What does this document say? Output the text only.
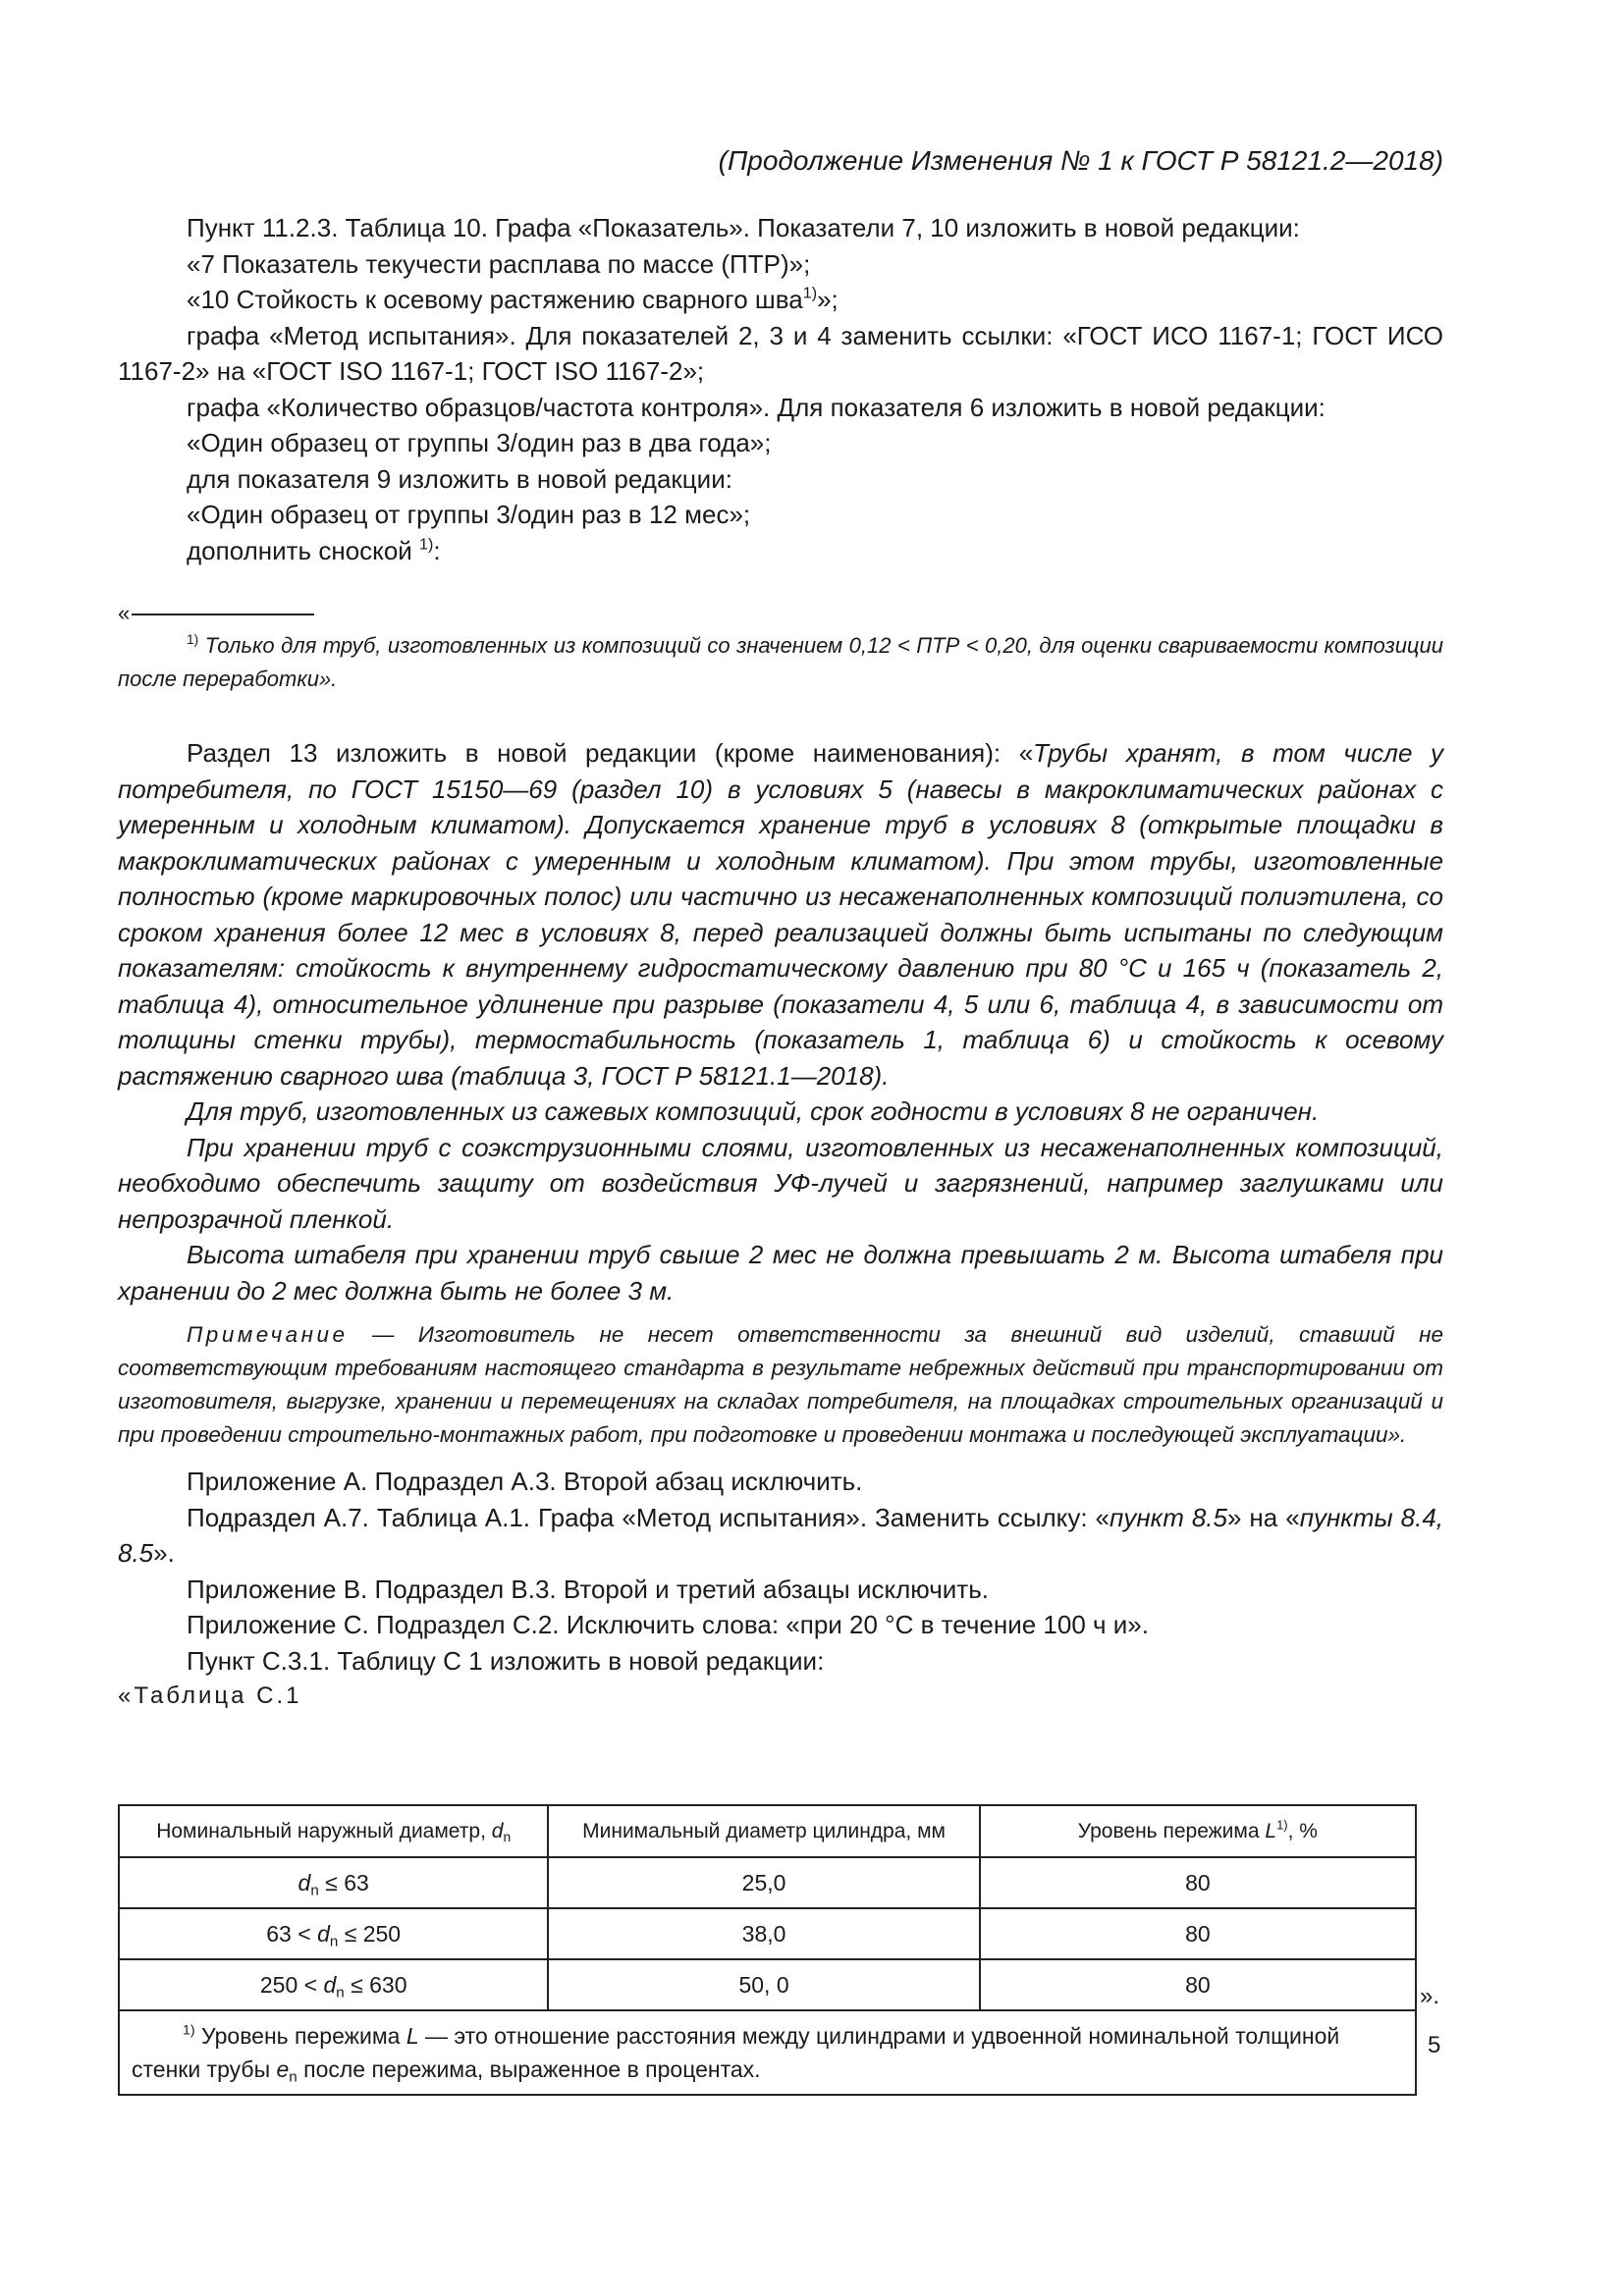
(Продолжение Изменения № 1 к ГОСТ Р 58121.2—2018)

Пункт 11.2.3. Таблица 10. Графа «Показатель». Показатели 7, 10 изложить в новой редакции:

«7 Показатель текучести расплава по массе (ПТР)»;

«10 Стойкость к осевому растяжению сварного шва$^{1)}$»;

графа «Метод испытания». Для показателей 2, 3 и 4 заменить ссылки: «ГОСТ ИСО 1167-1; ГОСТ ИСО 1167-2» на «ГОСТ ISO 1167-1; ГОСТ ISO 1167-2»;

графа «Количество образцов/частота контроля». Для показателя 6 изложить в новой редакции:

«Один образец от группы 3/один раз в два года»;

для показателя 9 изложить в новой редакции:

«Один образец от группы 3/один раз в 12 мес»;

дополнить сноской $^{1)}$:

«

$^{1)}$ Только для труб, изготовленных из композиций со значением 0,12 < ПТР < 0,20, для оценки свариваемости композиции после переработки».

Раздел 13 изложить в новой редакции (кроме наименования): «Трубы хранят, в том числе у потребителя, по ГОСТ 15150—69 (раздел 10) в условиях 5 (навесы в макроклиматических районах с умеренным и холодным климатом). Допускается хранение труб в условиях 8 (открытые площадки в макроклиматических районах с умеренным и холодным климатом). При этом трубы, изготовленные полностью (кроме маркировочных полос) или частично из несаженаполненных композиций полиэтилена, со сроком хранения более 12 мес в условиях 8, перед реализацией должны быть испытаны по следующим показателям: стойкость к внутреннему гидростатическому давлению при 80 °С и 165 ч (показатель 2, таблица 4), относительное удлинение при разрыве (показатели 4, 5 или 6, таблица 4, в зависимости от толщины стенки трубы), термостабильность (показатель 1, таблица 6) и стойкость к осевому растяжению сварного шва (таблица 3, ГОСТ Р 58121.1—2018).

Для труб, изготовленных из сажевых композиций, срок годности в условиях 8 не ограничен.

При хранении труб с соэкструзионными слоями, изготовленных из несаженаполненных композиций, необходимо обеспечить защиту от воздействия УФ-лучей и загрязнений, например заглушками или непрозрачной пленкой.

Высота штабеля при хранении труб свыше 2 мес не должна превышать 2 м. Высота штабеля при хранении до 2 мес должна быть не более 3 м.

Примечание — Изготовитель не несет ответственности за внешний вид изделий, ставший не соответствующим требованиям настоящего стандарта в результате небрежных действий при транспортировании от изготовителя, выгрузке, хранении и перемещениях на складах потребителя, на площадках строительных организаций и при проведении строительно-монтажных работ, при подготовке и проведении монтажа и последующей эксплуатации».

Приложение А. Подраздел А.3. Второй абзац исключить.

Подраздел А.7. Таблица А.1. Графа «Метод испытания». Заменить ссылку: «пункт 8.5» на «пункты 8.4, 8.5».

Приложение В. Подраздел В.3. Второй и третий абзацы исключить.

Приложение С. Подраздел С.2. Исключить слова: «при 20 °С в течение 100 ч и».

Пункт С.3.1. Таблицу С 1 изложить в новой редакции:

«Таблица С.1

Номинальный наружный диаметр, $d_n$	Минимальный диаметр цилиндра, мм	Уровень пережима $L^{1)}$, %
$d_n \le 63$	25,0	80
$63 < d_n \le 250$	38,0	80
$250 < d_n \le 630$	50, 0	80
$^{1)}$ Уровень пережима L — это отношение расстояния между цилиндрами и удвоенной номинальной толщиной стенки трубы $e_n$ после пережима, выраженное в процентах.		
».
5
